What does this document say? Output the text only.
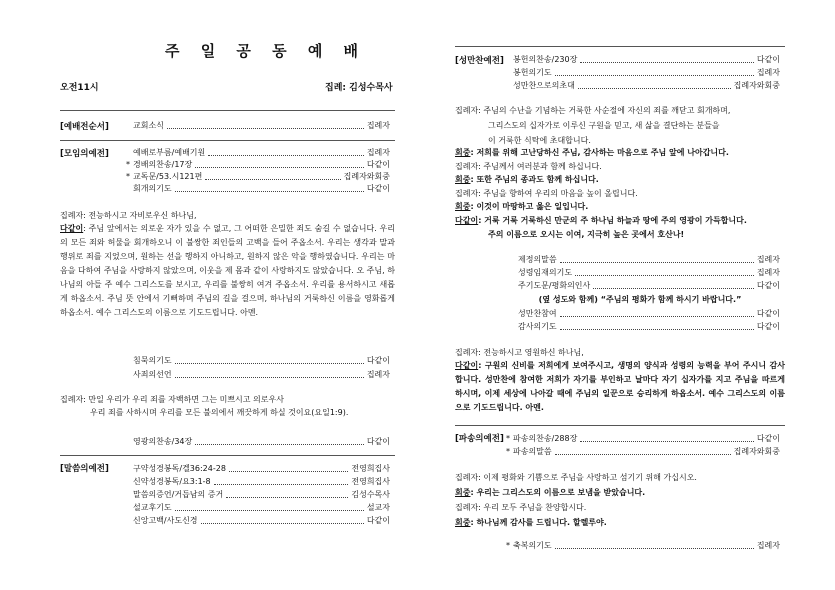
주 일 공 동 예 배
오전11시	집례: 김성수목사
[예배전순서]	교회소식	집례자
[모임의예전]	예배로부름/예배기원	집례자
* 경배의찬송/17장	다같이
* 교독문/53.시121편	집례자와회중
회개의기도	다같이
집례자: 전능하시고 자비로우신 하나님,
다같이: 주님 앞에서는 의로운 자가 있을 수 없고, 그 어떠한 은밀한 죄도 숨길 수 없습니다. 우리의 모든 죄와 허물을 회개하오니 이 불쌍한 죄인들의 고백을 들어 주옵소서. 우리는 생각과 말과 행위로 죄를 지었으며, 원하는 선을 행하지 아니하고, 원하지 않은 악을 행하였습니다. 우리는 마음을 다하여 주님을 사랑하지 않았으며, 이웃을 제 몸과 같이 사랑하지도 않았습니다. 오 주님, 하나님의 아들 주 예수 그리스도를 보시고, 우리를 불쌍히 여겨 주옵소서. 우리를 용서하시고 새롭게 하옵소서. 주님 뜻 안에서 기뻐하며 주님의 길을 걸으며, 하나님의 거룩하신 이름을 영화롭게 하옵소서. 예수 그리스도의 이름으로 기도드립니다. 아멘.
침묵의기도	다같이
사죄의선언	집례자
집례자: 만일 우리가 우리 죄를 자백하면 그는 미쁘시고 의로우사
우리 죄를 사하시며 우리를 모든 불의에서 깨끗하게 하실 것이요(요일1:9).
영광의찬송/34장	다같이
[말씀의예전]	구약성경봉독/겔36:24-28	전영희집사
신약성경봉독/요3:1-8	전영희집사
말씀의증언/거듭남의 증거	김성수목사
설교후기도	설교자
신앙고백/사도신경	다같이
[성만찬예전] 봉헌의찬송/230장	다같이
봉헌의기도	집례자
성만찬으로의초대	집례자와회중
집례자: 주님의 수난을 기념하는 거룩한 사순절에 자신의 죄를 깨닫고 회개하며,
그리스도의 십자가로 이루신 구원을 믿고, 새 삶을 결단하는 분들을
이 거룩한 식탁에 초대합니다.
회중: 저희를 위해 고난당하신 주님, 감사하는 마음으로 주님 앞에 나아갑니다.
집례자: 주님께서 여러분과 함께 하십니다.
회중: 또한 주님의 종과도 함께 하십니다.
집례자: 주님을 향하여 우리의 마음을 높이 올립니다.
회중: 이것이 마땅하고 옳은 일입니다.
다같이: 거룩 거룩 거룩하신 만군의 주 하나님 하늘과 땅에 주의 영광이 가득합니다.
주의 이름으로 오시는 이여, 지극히 높은 곳에서 호산나!
제정의말씀	집례자
성령임재의기도	집례자
주기도문/평화의인사	다같이
(옆 성도와 함께) “주님의 평화가 함께 하시기 바랍니다.”
성만찬참여	다같이
감사의기도	다같이
집례자: 전능하시고 영원하신 하나님,
다같이: 구원의 신비를 저희에게 보여주시고, 생명의 양식과 성령의 능력을 부어 주시니 감사합니다. 성만찬에 참여한 저희가 자기를 부인하고 날마다 자기 십자가를 지고 주님을 따르게 하시며, 이제 세상에 나아갈 때에 주님의 일꾼으로 승리하게 하옵소서. 예수 그리스도의 이름으로 기도드립니다. 아멘.
[파송의예전] * 파송의찬송/288장	다같이
* 파송의말씀	집례자와회중
집례자: 이제 평화와 기쁨으로 주님을 사랑하고 섬기기 위해 가십시오.
회중: 우리는 그리스도의 이름으로 보냄을 받았습니다.
집례자: 우리 모두 주님을 찬양합시다.
회중: 하나님께 감사를 드립니다. 할렐루야.
* 축복의기도	집례자
